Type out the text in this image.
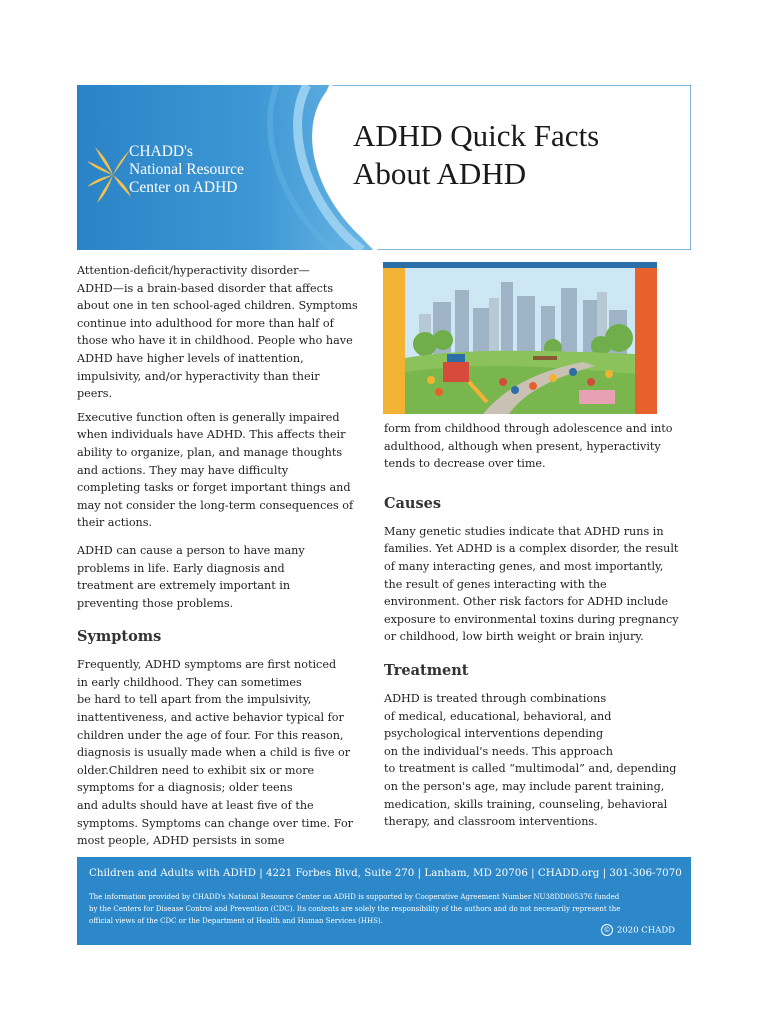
CHADD's
National Resource
Center on ADHD
ADHD Quick Facts
About ADHD

Attention-deficit/hyperactivity disorder—
ADHD—is a brain-based disorder that affects
about one in ten school-aged children. Symptoms
continue into adulthood for more than half of
those who have it in childhood. People who have
ADHD have higher levels of inattention,
impulsivity, and/or hyperactivity than their
peers.

Executive function often is generally impaired
when individuals have ADHD. This affects their
ability to organize, plan, and manage thoughts
and actions. They may have difficulty
completing tasks or forget important things and
may not consider the long-term consequences of
their actions.

ADHD can cause a person to have many
problems in life. Early diagnosis and
treatment are extremely important in
preventing those problems.

Symptoms

Frequently, ADHD symptoms are first noticed
in early childhood. They can sometimes
be hard to tell apart from the impulsivity,
inattentiveness, and active behavior typical for
children under the age of four. For this reason,
diagnosis is usually made when a child is five or
older.Children need to exhibit six or more
symptoms for a diagnosis; older teens
and adults should have at least five of the
symptoms. Symptoms can change over time. For
most people, ADHD persists in some

form from childhood through adolescence and into
adulthood, although when present, hyperactivity
tends to decrease over time.

Causes

Many genetic studies indicate that ADHD runs in
families. Yet ADHD is a complex disorder, the result
of many interacting genes, and most importantly,
the result of genes interacting with the
environment. Other risk factors for ADHD include
exposure to environmental toxins during pregnancy
or childhood, low birth weight or brain injury.

Treatment

ADHD is treated through combinations
of medical, educational, behavioral, and
psychological interventions depending
on the individual's needs. This approach
to treatment is called “multimodal” and, depending
on the person's age, may include parent training,
medication, skills training, counseling, behavioral
therapy, and classroom interventions.

Children and Adults with ADHD | 4221 Forbes Blvd, Suite 270 | Lanham, MD 20706 | CHADD.org | 301-306-7070
The information provided by CHADD's National Resource Center on ADHD is supported by Cooperative Agreement Number NU38DD005376 funded
by the Centers for Disease Control and Prevention (CDC). Its contents are solely the responsibility of the authors and do not necesarily represent the
official views of the CDC or the Department of Health and Human Services (HHS).
© 2020 CHADD
